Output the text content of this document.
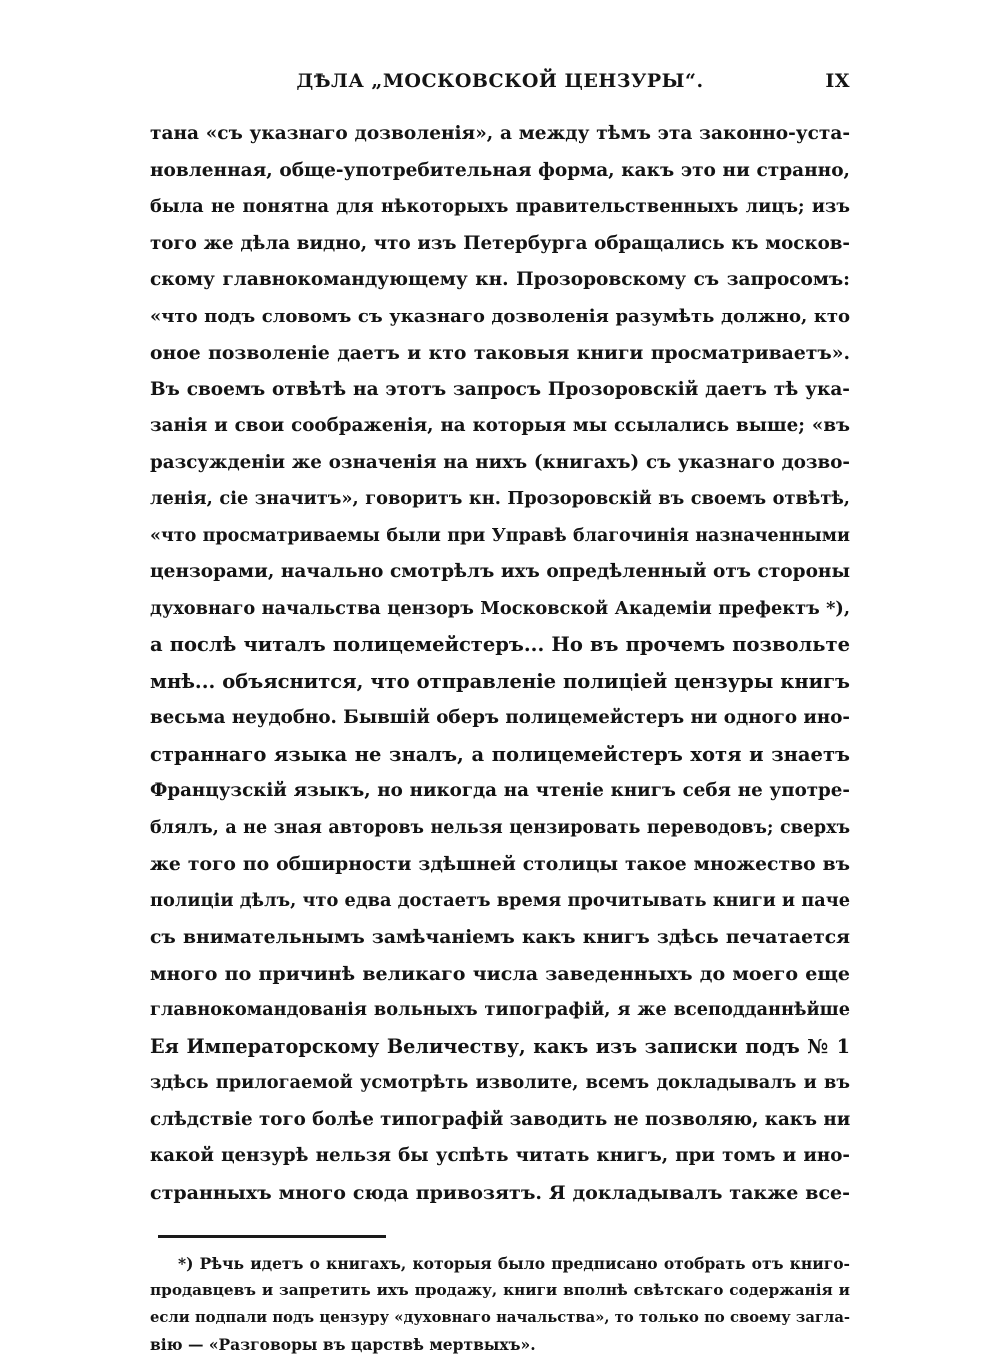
ДѢЛА „МОСКОВСКОЙ ЦЕНЗУРЫ“.	IX
тана «съ указнаго дозволенія», а между тѣмъ эта законно-уста-
новленная, обще-употребительная форма, какъ это ни странно,
была не понятна для нѣкоторыхъ правительственныхъ лицъ; изъ
того же дѣла видно, что изъ Петербурга обращались къ москов-
скому главнокомандующему кн. Прозоровскому съ запросомъ:
«что подъ словомъ съ указнаго дозволенія разумѣть должно, кто
оное позволеніе даетъ и кто таковыя книги просматриваетъ».
Въ своемъ отвѣтѣ на этотъ запросъ Прозоровскій даетъ тѣ ука-
занія и свои соображенія, на которыя мы ссылались выше; «въ
разсужденіи же означенія на нихъ (книгахъ) съ указнаго дозво-
ленія, сіе значитъ», говоритъ кн. Прозоровскій въ своемъ отвѣтѣ,
«что просматриваемы были при Управѣ благочинія назначенными
цензорами, начально смотрѣлъ ихъ опредѣленный отъ стороны
духовнаго начальства цензоръ Московской Академіи префектъ *),
а послѣ читалъ полицемейстеръ... Но въ прочемъ позвольте
мнѣ... объяснится, что отправленіе полиціей цензуры книгъ
весьма неудобно. Бывшій оберъ полицемейстеръ ни одного ино-
страннаго языка не зналъ, а полицемейстеръ хотя и знаетъ
Французскій языкъ, но никогда на чтеніе книгъ себя не употре-
блялъ, а не зная авторовъ нельзя цензировать переводовъ; сверхъ
же того по обширности здѣшней столицы такое множество въ
полиціи дѣлъ, что едва достаетъ время прочитывать книги и паче
съ внимательнымъ замѣчаніемъ какъ книгъ здѣсь печатается
много по причинѣ великаго числа заведенныхъ до моего еще
главнокомандованія вольныхъ типографій, я же всеподданнѣйше
Ея Императорскому Величеству, какъ изъ записки подъ № 1
здѣсь прилогаемой усмотрѣть изволите, всемъ докладывалъ и въ
слѣдствіе того болѣе типографій заводить не позволяю, какъ ни
какой цензурѣ нельзя бы успѣть читать книгъ, при томъ и ино-
странныхъ много сюда привозятъ. Я докладывалъ также все-
*) Рѣчь идетъ о книгахъ, которыя было предписано отобрать отъ книго-
продавцевъ и запретить ихъ продажу, книги вполнѣ свѣтскаго содержанія и
если подпали подъ цензуру «духовнаго начальства», то только по своему загла-
вію — «Разговоры въ царствѣ мертвыхъ».
